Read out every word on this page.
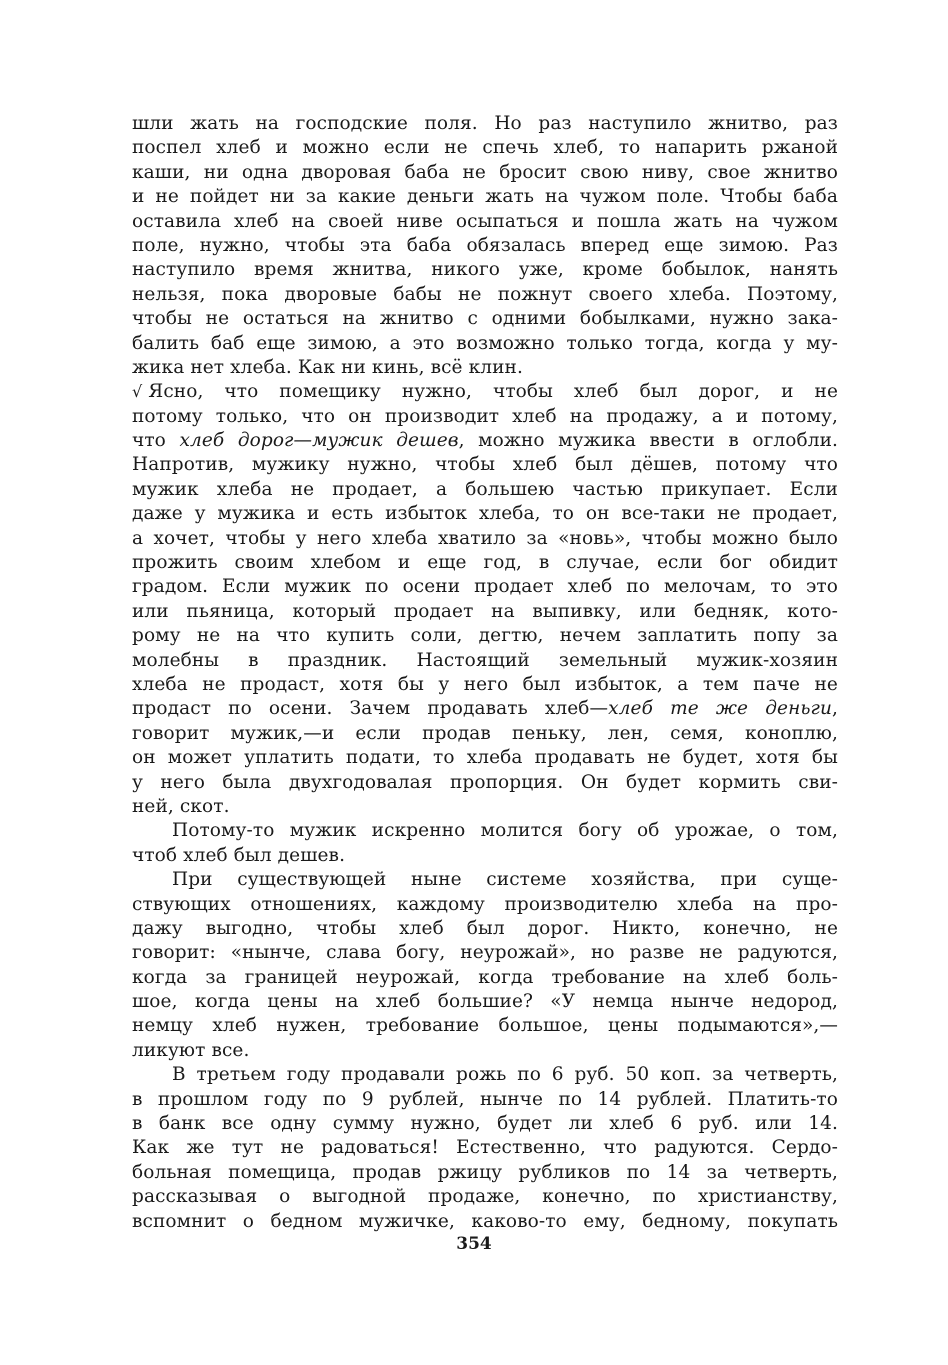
шли жать на господские поля. Но раз наступило жнитво, раз
поспел хлеб и можно если не спечь хлеб, то напарить ржаной
каши, ни одна дворовая баба не бросит свою ниву, свое жнитво
и не пойдет ни за какие деньги жать на чужом поле. Чтобы баба
оставила хлеб на своей ниве осыпаться и пошла жать на чужом
поле, нужно, чтобы эта баба обязалась вперед еще зимою. Раз
наступило время жнитва, никого уже, кроме бобылок, нанять
нельзя, пока дворовые бабы не пожнут своего хлеба. Поэтому,
чтобы не остаться на жнитво с одними бобылками, нужно зака-
балить баб еще зимою, а это возможно только тогда, когда у му-
жика нет хлеба. Как ни кинь, всё клин.
√ Ясно, что помещику нужно, чтобы хлеб был дорог, и не
потому только, что он производит хлеб на продажу, а и потому,
что хлеб дорог—мужик дешев, можно мужика ввести в оглобли.
Напротив, мужику нужно, чтобы хлеб был дёшев, потому что
мужик хлеба не продает, а большею частью прикупает. Если
даже у мужика и есть избыток хлеба, то он все-таки не продает,
а хочет, чтобы у него хлеба хватило за «новь», чтобы можно было
прожить своим хлебом и еще год, в случае, если бог обидит
градом. Если мужик по осени продает хлеб по мелочам, то это
или пьяница, который продает на выпивку, или бедняк, кото-
рому не на что купить соли, дегтю, нечем заплатить попу за
молебны в праздник. Настоящий земельный мужик-хозяин
хлеба не продаст, хотя бы у него был избыток, а тем паче не
продаст по осени. Зачем продавать хлеб—хлеб те же деньги,
говорит мужик,—и если продав пеньку, лен, семя, коноплю,
он может уплатить подати, то хлеба продавать не будет, хотя бы
у него была двухгодовалая пропорция. Он будет кормить сви-
ней, скот.
Потому-то мужик искренно молится богу об урожае, о том,
чтоб хлеб был дешев.
При существующей ныне системе хозяйства, при суще-
ствующих отношениях, каждому производителю хлеба на про-
дажу выгодно, чтобы хлеб был дорог. Никто, конечно, не
говорит: «нынче, слава богу, неурожай», но разве не радуются,
когда за границей неурожай, когда требование на хлеб боль-
шое, когда цены на хлеб большие? «У немца нынче недород,
немцу хлеб нужен, требование большое, цены подымаются»,—
ликуют все.
В третьем году продавали рожь по 6 руб. 50 коп. за четверть,
в прошлом году по 9 рублей, нынче по 14 рублей. Платить-то
в банк все одну сумму нужно, будет ли хлеб 6 руб. или 14.
Как же тут не радоваться! Естественно, что радуются. Сердо-
больная помещица, продав ржицу рубликов по 14 за четверть,
рассказывая о выгодной продаже, конечно, по христианству,
вспомнит о бедном мужичке, каково-то ему, бедному, покупать
354
